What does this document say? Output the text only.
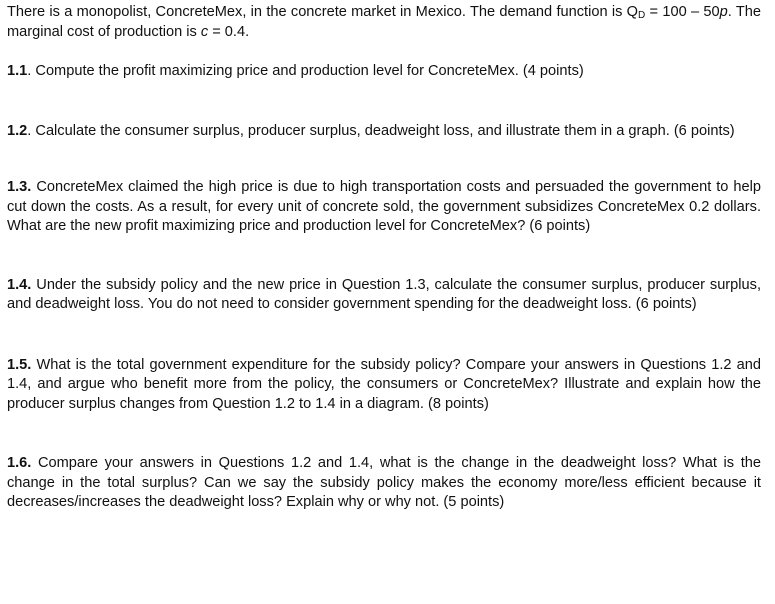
There is a monopolist, ConcreteMex, in the concrete market in Mexico. The demand function is $Q_D = 100 - 50p$. The marginal cost of production is c = 0.4.

1.1. Compute the profit maximizing price and production level for ConcreteMex. (4 points)

1.2. Calculate the consumer surplus, producer surplus, deadweight loss, and illustrate them in a graph. (6 points)

1.3. ConcreteMex claimed the high price is due to high transportation costs and persuaded the government to help cut down the costs. As a result, for every unit of concrete sold, the government subsidizes ConcreteMex 0.2 dollars. What are the new profit maximizing price and production level for ConcreteMex? (6 points)

1.4. Under the subsidy policy and the new price in Question 1.3, calculate the consumer surplus, producer surplus, and deadweight loss. You do not need to consider government spending for the deadweight loss. (6 points)

1.5. What is the total government expenditure for the subsidy policy? Compare your answers in Questions 1.2 and 1.4, and argue who benefit more from the policy, the consumers or ConcreteMex? Illustrate and explain how the producer surplus changes from Question 1.2 to 1.4 in a diagram. (8 points)

1.6. Compare your answers in Questions 1.2 and 1.4, what is the change in the deadweight loss? What is the change in the total surplus? Can we say the subsidy policy makes the economy more/less efficient because it decreases/increases the deadweight loss? Explain why or why not. (5 points)
